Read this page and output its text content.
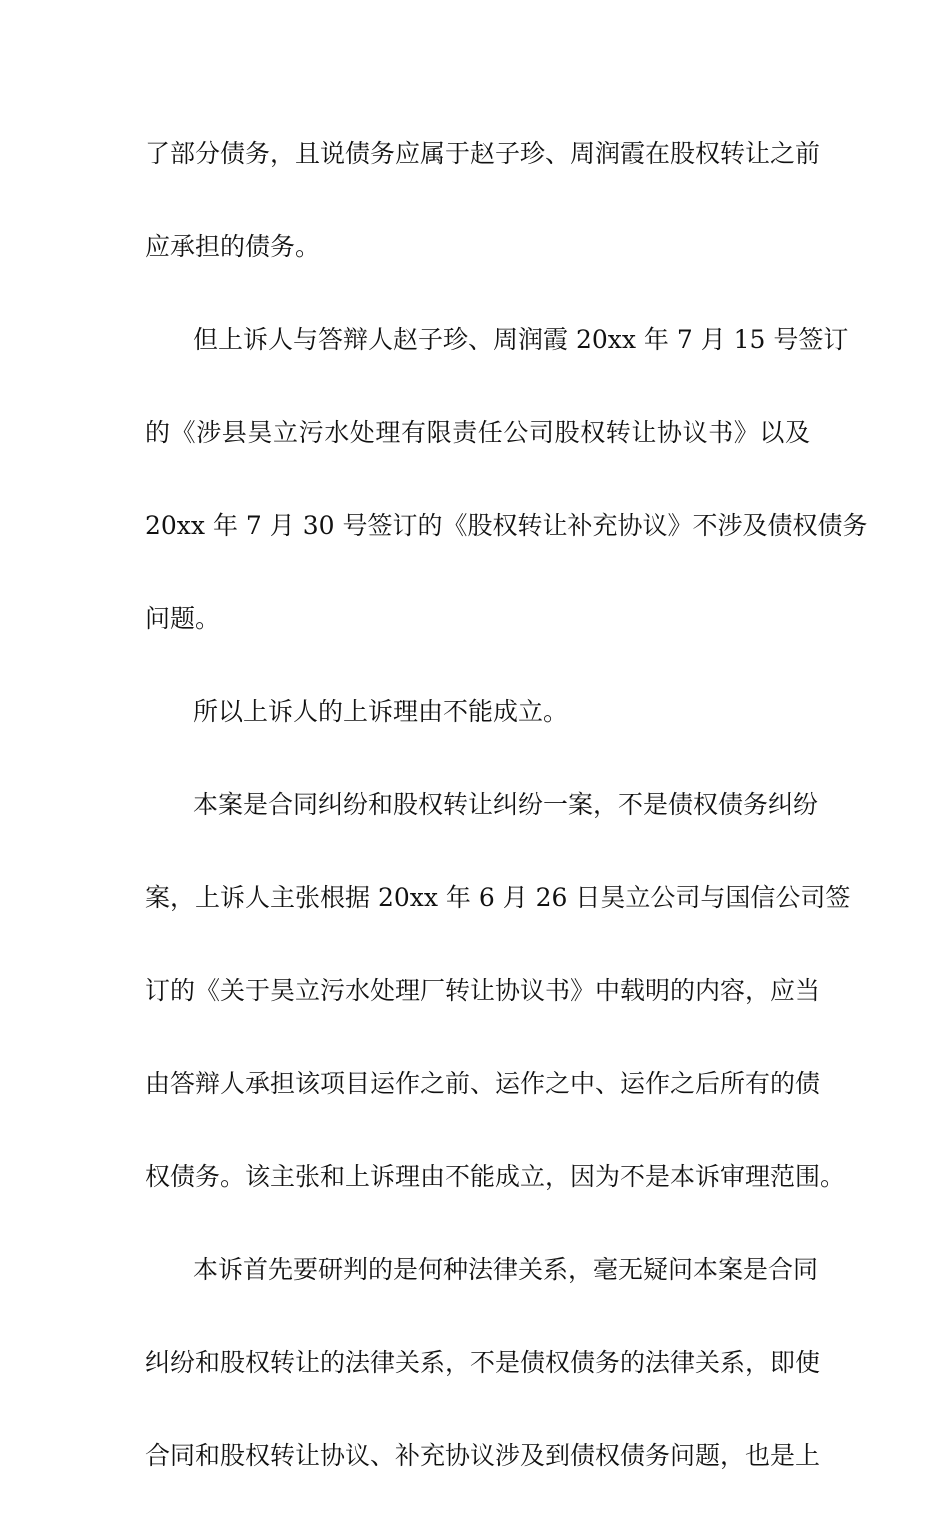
了部分债务，且说债务应属于赵子珍、周润霞在股权转让之前
应承担的债务。
但上诉人与答辩人赵子珍、周润霞 20xx 年 7 月 15 号签订
的《涉县昊立污水处理有限责任公司股权转让协议书》以及
20xx 年 7 月 30 号签订的《股权转让补充协议》不涉及债权债务
问题。
所以上诉人的上诉理由不能成立。
本案是合同纠纷和股权转让纠纷一案，不是债权债务纠纷
案，上诉人主张根据 20xx 年 6 月 26 日昊立公司与国信公司签
订的《关于昊立污水处理厂转让协议书》中载明的内容，应当
由答辩人承担该项目运作之前、运作之中、运作之后所有的债
权债务。该主张和上诉理由不能成立，因为不是本诉审理范围。
本诉首先要研判的是何种法律关系，毫无疑问本案是合同
纠纷和股权转让的法律关系，不是债权债务的法律关系，即使
合同和股权转让协议、补充协议涉及到债权债务问题，也是上
